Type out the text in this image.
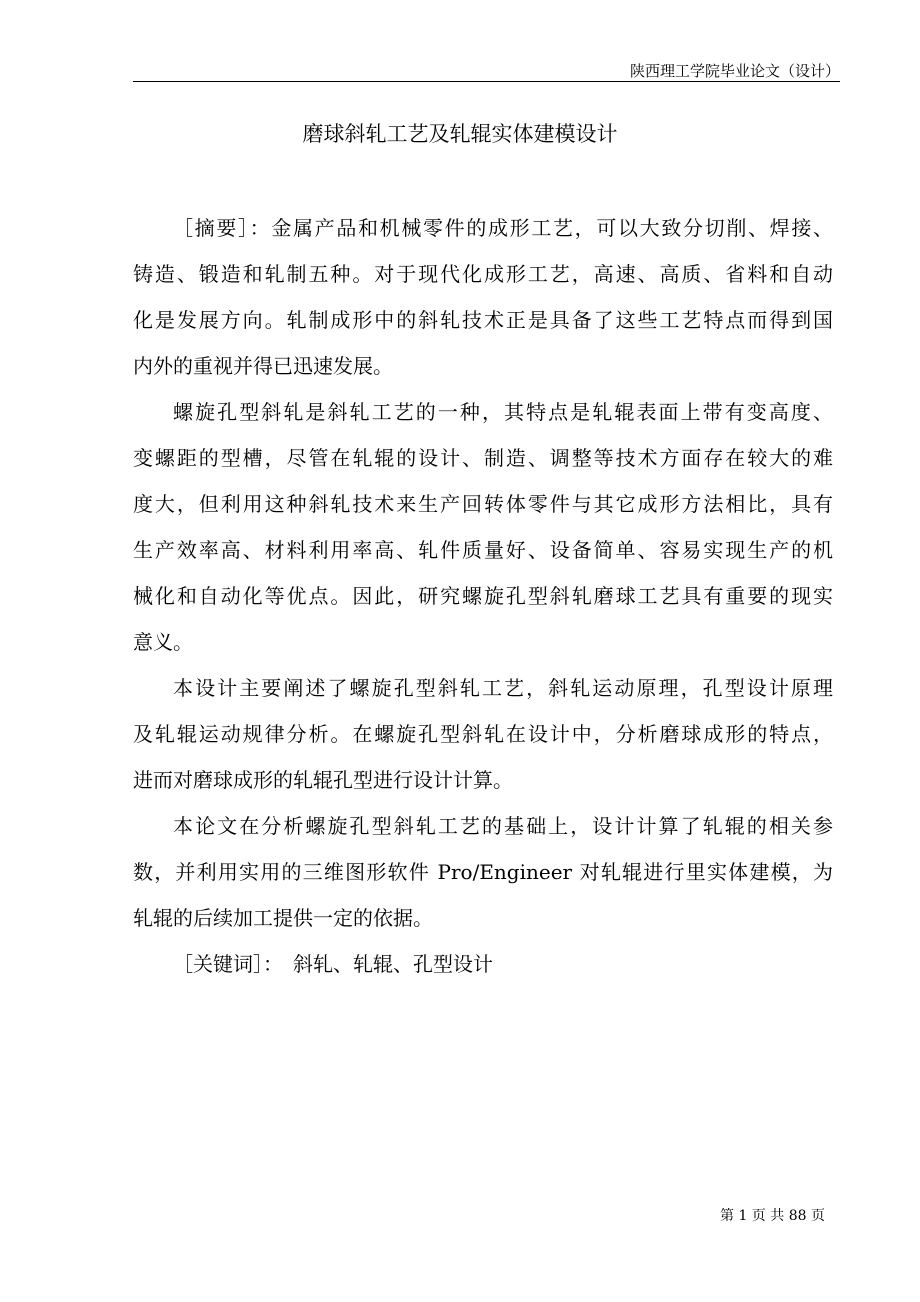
陕西理工学院毕业论文（设计）
磨球斜轧工艺及轧辊实体建模设计
［摘要］：金属产品和机械零件的成形工艺，可以大致分切削、焊接、
铸造、锻造和轧制五种。对于现代化成形工艺，高速、高质、省料和自动
化是发展方向。轧制成形中的斜轧技术正是具备了这些工艺特点而得到国
内外的重视并得已迅速发展。
螺旋孔型斜轧是斜轧工艺的一种，其特点是轧辊表面上带有变高度、
变螺距的型槽，尽管在轧辊的设计、制造、调整等技术方面存在较大的难
度大，但利用这种斜轧技术来生产回转体零件与其它成形方法相比，具有
生产效率高、材料利用率高、轧件质量好、设备简单、容易实现生产的机
械化和自动化等优点。因此，研究螺旋孔型斜轧磨球工艺具有重要的现实
意义。
本设计主要阐述了螺旋孔型斜轧工艺，斜轧运动原理，孔型设计原理
及轧辊运动规律分析。在螺旋孔型斜轧在设计中，分析磨球成形的特点，
进而对磨球成形的轧辊孔型进行设计计算。
本论文在分析螺旋孔型斜轧工艺的基础上，设计计算了轧辊的相关参
数，并利用实用的三维图形软件 Pro/Engineer 对轧辊进行里实体建模，为
轧辊的后续加工提供一定的依据。
［关键词］： 斜轧、轧辊、孔型设计
第 1 页 共 88 页
